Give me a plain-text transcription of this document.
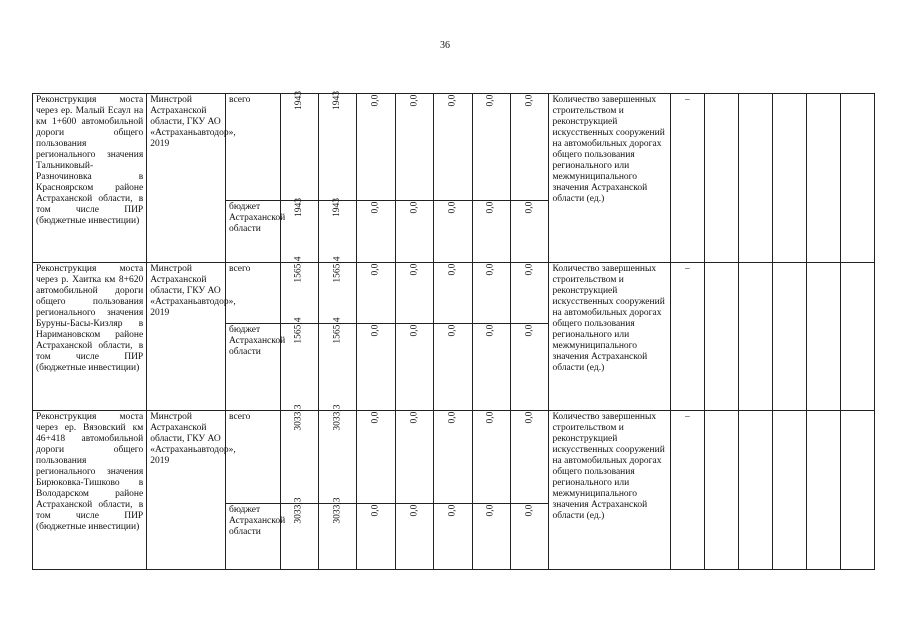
36
Реконструкция моста через ер. Малый Есаул на км 1+600 автомобильной дороги общего пользования регионального значения Тальниковый-Разночиновка в Красноярском районе Астраханской области, в том числе ПИР (бюджетные инвестиции)	Минстрой Астраханской области, ГКУ АО «Астраханьавтодор», 2019	всего	1943	1943	0,0	0,0	0,0	0,0	0,0	Количество завершенных строительством и реконструкцией искусственных сооружений на автомобильных дорогах общего пользования регионального или межмуниципального значения Астраханской области (ед.)	–					
		бюджет Астраханской области	1943	1943	0,0	0,0	0,0	0,0	0,0							
Реконструкция моста через р. Хаитка км 8+620 автомобильной дороги общего пользования регионального значения Буруны-Басы-Кизляр в Наримановском районе Астраханской области, в том числе ПИР (бюджетные инвестиции)	Минстрой Астраханской области, ГКУ АО «Астраханьавтодор», 2019	всего	1565,4	1565,4	0,0	0,0	0,0	0,0	0,0	Количество завершенных строительством и реконструкцией искусственных сооружений на автомобильных дорогах общего пользования регионального или межмуниципального значения Астраханской области (ед.)	–					
		бюджет Астраханской области	1565,4	1565,4	0,0	0,0	0,0	0,0	0,0							
Реконструкция моста через ер. Вязовский км 46+418 автомобильной дороги общего пользования регионального значения Бирюковка-Тишково в Володарском районе Астраханской области, в том числе ПИР (бюджетные инвестиции)	Минстрой Астраханской области, ГКУ АО «Астраханьавтодор», 2019	всего	3033,3	3033,3	0,0	0,0	0,0	0,0	0,0	Количество завершенных строительством и реконструкцией искусственных сооружений на автомобильных дорогах общего пользования регионального или межмуниципального значения Астраханской области (ед.)	–					
		бюджет Астраханской области	3033,3	3033,3	0,0	0,0	0,0	0,0	0,0							
